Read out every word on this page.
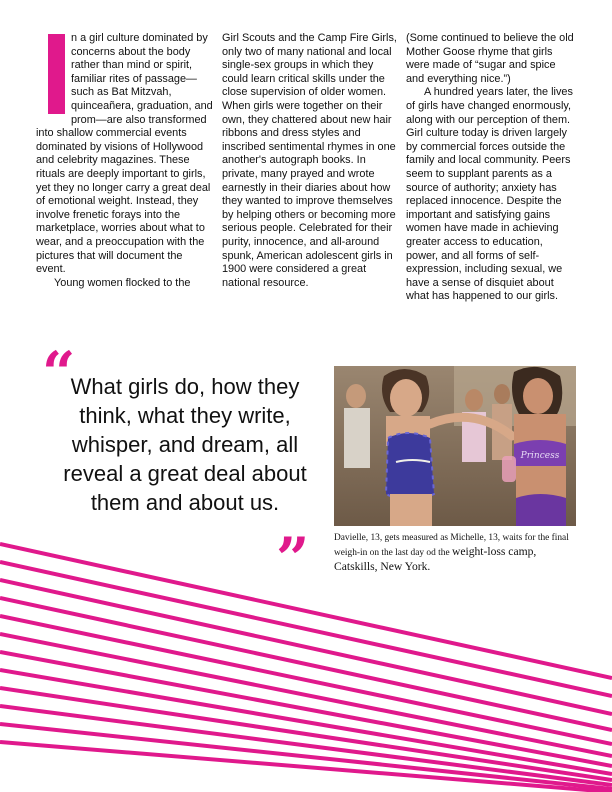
n a girl culture dominated by concerns about the body rather than mind or spirit, familiar rites of passage—such as Bat Mitzvah, quinceañera, graduation, and prom—are also transformed into shallow commercial events dominated by visions of Hollywood and celebrity magazines. These rituals are deeply important to girls, yet they no longer carry a great deal of emotional weight. Instead, they involve frenetic forays into the marketplace, worries about what to wear, and a preoccupation with the pictures that will document the event.

Young women flocked to the

Girl Scouts and the Camp Fire Girls, only two of many national and local single-sex groups in which they could learn critical skills under the close supervision of older women. When girls were together on their own, they chattered about new hair ribbons and dress styles and inscribed sentimental rhymes in one another's autograph books. In private, many prayed and wrote earnestly in their diaries about how they wanted to improve themselves by helping others or becoming more serious people. Celebrated for their purity, innocence, and all-around spunk, American adolescent girls in 1900 were considered a great national resource.

(Some continued to believe the old Mother Goose rhyme that girls were made of “sugar and spice and everything nice.”)

A hundred years later, the lives of girls have changed enormously, along with our perception of them. Girl culture today is driven largely by commercial forces outside the family and local community. Peers seem to supplant parents as a source of authority; anxiety has replaced innocence. Despite the important and satisfying gains women have made in achieving greater access to education, power, and all forms of self-expression, including sexual, we have a sense of disquiet about what has happened to our girls.

“
What girls do, how they think, what they write, whisper, and dream, all reveal a great deal about them and about us.
”
Princess
Davielle, 13, gets measured as Michelle, 13, waits for the final weigh-in on the last day od the weight-loss camp, Catskills, New York.
